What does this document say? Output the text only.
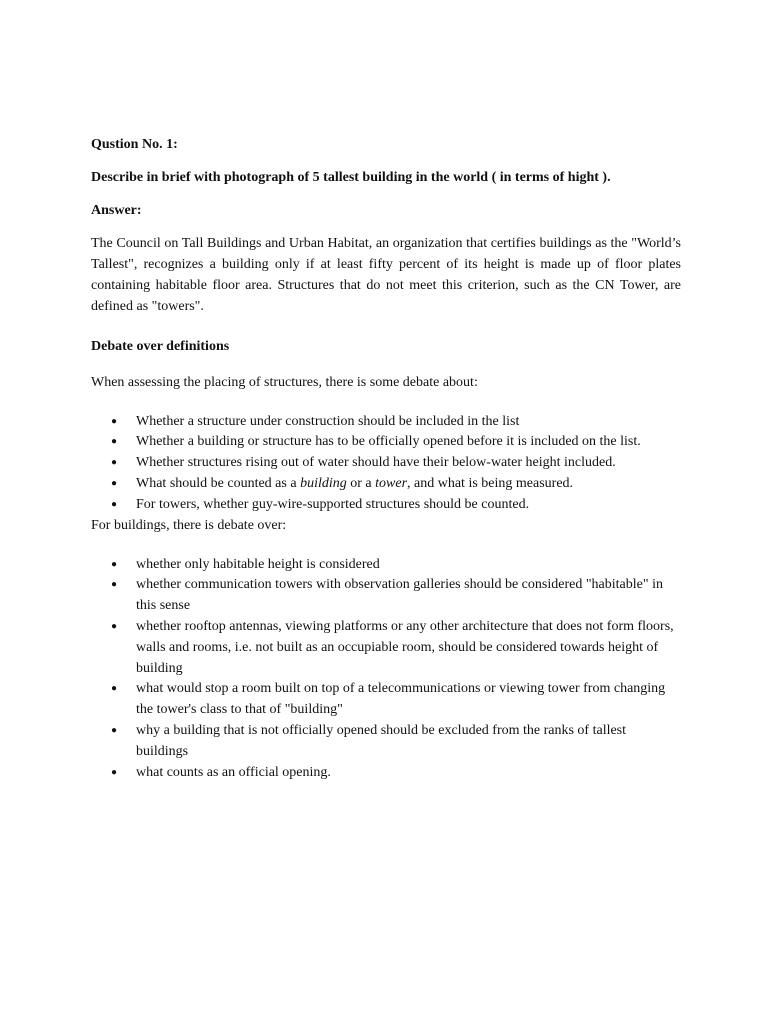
Qustion No. 1:

Describe in brief with photograph of 5 tallest building in the world ( in terms of hight ).

Answer:

The Council on Tall Buildings and Urban Habitat, an organization that certifies buildings as the "World’s Tallest", recognizes a building only if at least fifty percent of its height is made up of floor plates containing habitable floor area. Structures that do not meet this criterion, such as the CN Tower, are defined as "towers".

Debate over definitions

When assessing the placing of structures, there is some debate about:

● Whether a structure under construction should be included in the list
● Whether a building or structure has to be officially opened before it is included on the list.
● Whether structures rising out of water should have their below-water height included.
● What should be counted as a building or a tower, and what is being measured.
● For towers, whether guy-wire-supported structures should be counted.

For buildings, there is debate over:

● whether only habitable height is considered
● whether communication towers with observation galleries should be considered "habitable" in this sense
● whether rooftop antennas, viewing platforms or any other architecture that does not form floors, walls and rooms, i.e. not built as an occupiable room, should be considered towards height of building
● what would stop a room built on top of a telecommunications or viewing tower from changing the tower's class to that of "building"
● why a building that is not officially opened should be excluded from the ranks of tallest buildings
● what counts as an official opening.
